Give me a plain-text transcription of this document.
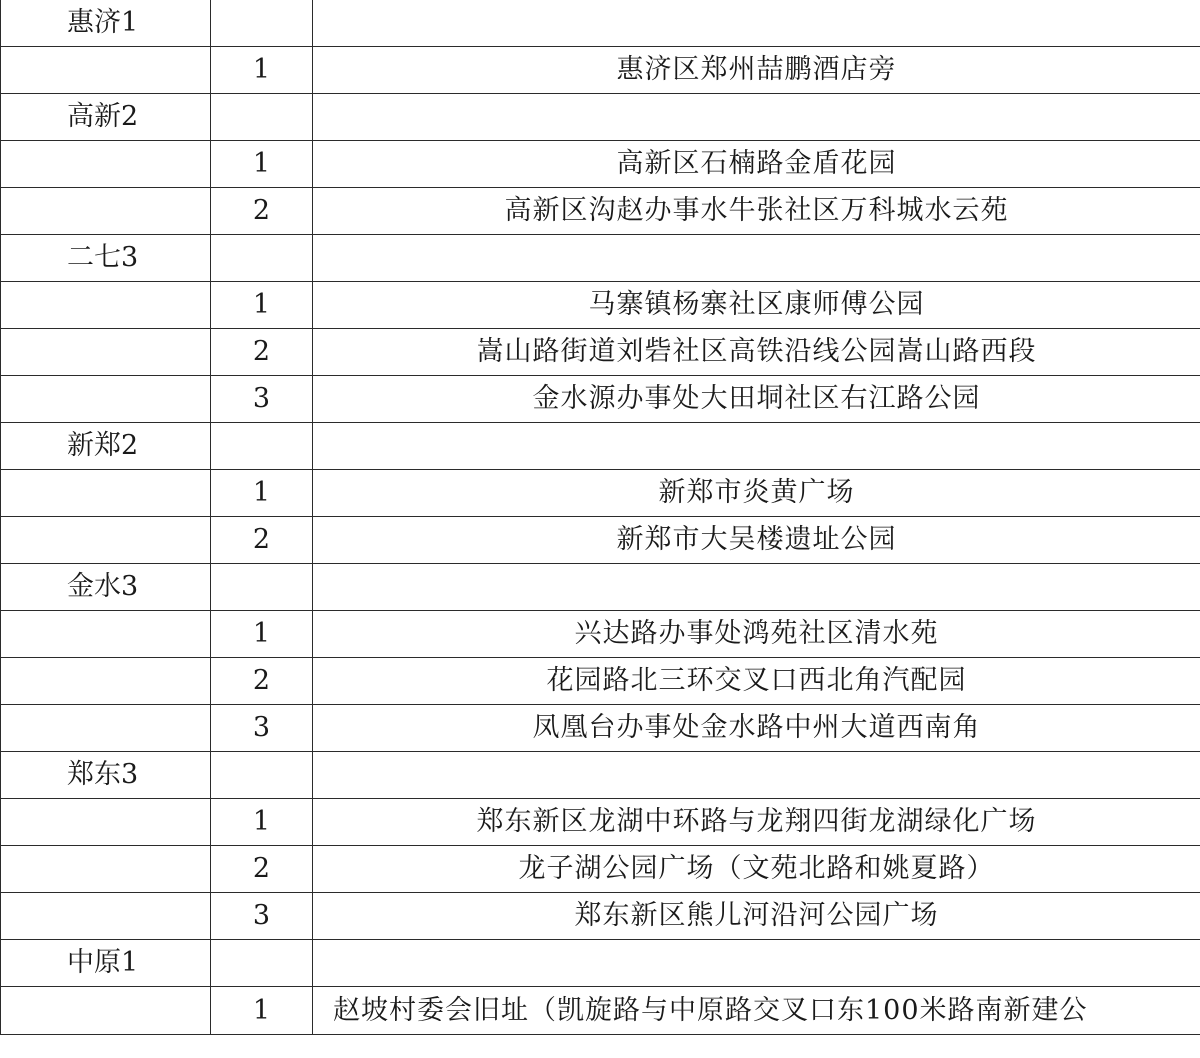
惠济1		
	1	惠济区郑州喆鹏酒店旁
高新2		
	1	高新区石楠路金盾花园
	2	高新区沟赵办事水牛张社区万科城水云苑
二七3		
	1	马寨镇杨寨社区康师傅公园
	2	嵩山路街道刘砦社区高铁沿线公园嵩山路西段
	3	金水源办事处大田垌社区右江路公园
新郑2		
	1	新郑市炎黄广场
	2	新郑市大吴楼遗址公园
金水3		
	1	兴达路办事处鸿苑社区清水苑
	2	花园路北三环交叉口西北角汽配园
	3	凤凰台办事处金水路中州大道西南角
郑东3		
	1	郑东新区龙湖中环路与龙翔四街龙湖绿化广场
	2	龙子湖公园广场（文苑北路和姚夏路）
	3	郑东新区熊儿河沿河公园广场
中原1		
	1	赵坡村委会旧址（凯旋路与中原路交叉口东100米路南新建公
